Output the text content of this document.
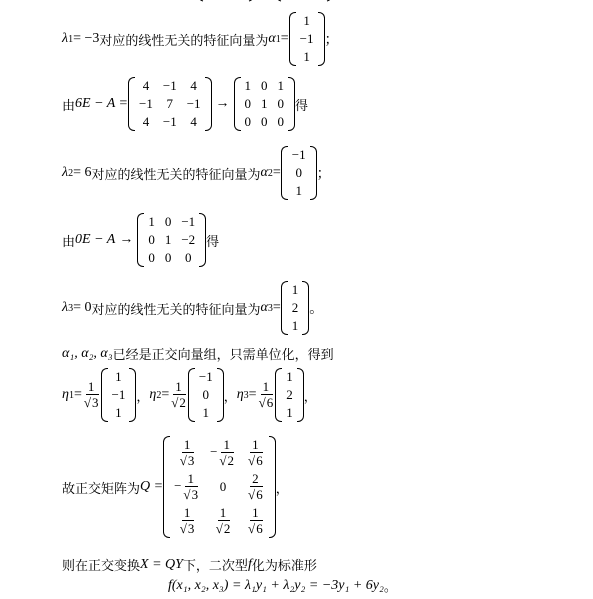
λ 1 = −3 对应的线性无关的特征向量为 α 1 =
1
−1
1
；
由 6E − A =
4	−1	4
−1	7	−1
4	−1	4
→
1	0	1
0	1	0
0	0	0
得
λ 2 = 6 对应的线性无关的特征向量为 α 2 =
−1
0
1
；
由 0E − A →
1	0	−1
0	1	−2
0	0	0
得
λ 3 = 0 对应的线性无关的特征向量为 α 3 =
1
2
1
。
α₁, α₂, α₃ 已经是正交向量组，只需单位化，得到
η $1 = \frac{1}{√3}$
1
−1
1
， η $2 = \frac{1}{√2}$
−1
0
1
， η $3 = \frac{1}{√6}$
1
2
1
，
故正交矩阵为 Q =
$\frac{1}{√3}$	− $\frac{1}{√2}$	$\frac{1}{√6}$

− $\frac{1}{√3}$	0	$\frac{2}{√6}$

$\frac{1}{√3}$	$\frac{1}{√2}$	$\frac{1}{√6}$
，
则在正交变换 X = QY 下，二次型 f 化为标准形
f(x₁, x₂, x₃) = λ₁y₁ + λ₂y₂ = −3y₁ + 6y₂ 。
